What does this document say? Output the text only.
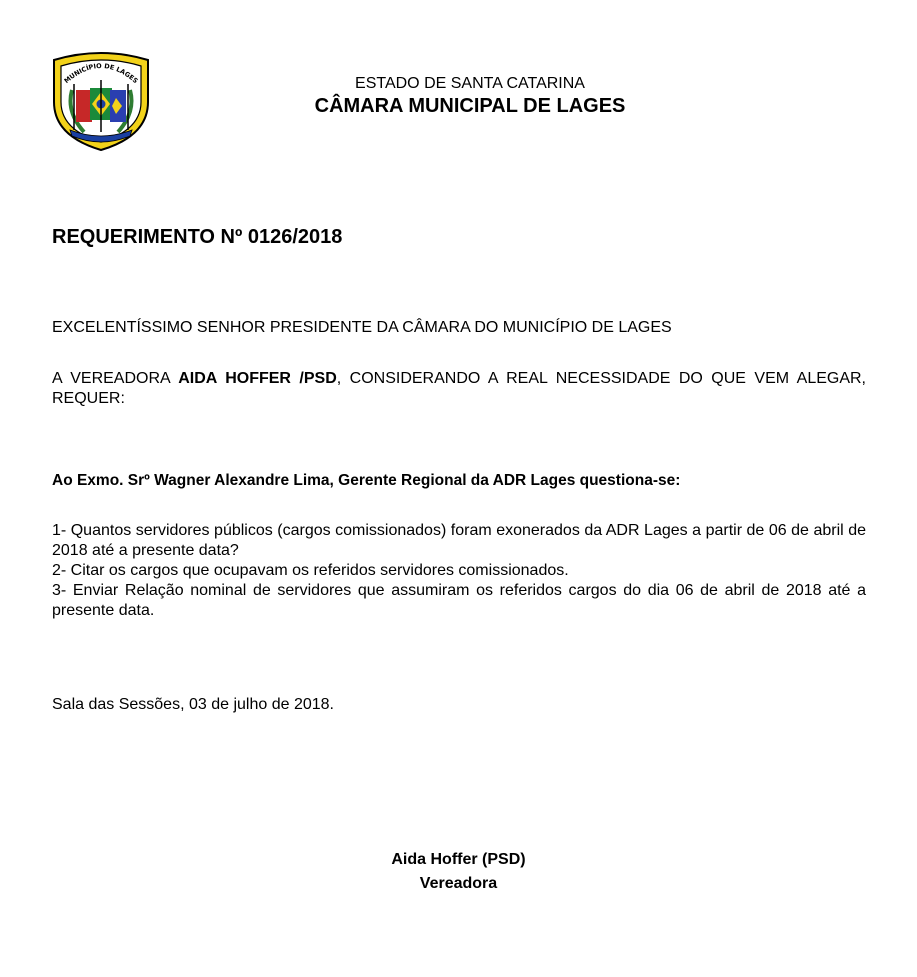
MUNICÍPIO DE LAGES	ESTADO DE SANTA CATARINA
CÂMARA MUNICIPAL DE LAGES
REQUERIMENTO Nº 0126/2018
EXCELENTÍSSIMO SENHOR PRESIDENTE DA CÂMARA DO MUNICÍPIO DE LAGES
A VEREADORA AIDA HOFFER /PSD, CONSIDERANDO A REAL NECESSIDADE DO QUE VEM ALEGAR, REQUER:
Ao Exmo. Srº Wagner Alexandre Lima, Gerente Regional da ADR Lages questiona-se:
1- Quantos servidores públicos (cargos comissionados) foram exonerados da ADR Lages a partir de 06 de abril de 2018 até a presente data?
2- Citar os cargos que ocupavam os referidos servidores comissionados.
3- Enviar Relação nominal de servidores que assumiram os referidos cargos do dia 06 de abril de 2018 até a presente data.
Sala das Sessões, 03 de julho de 2018.
Aida Hoffer (PSD)
Vereadora
